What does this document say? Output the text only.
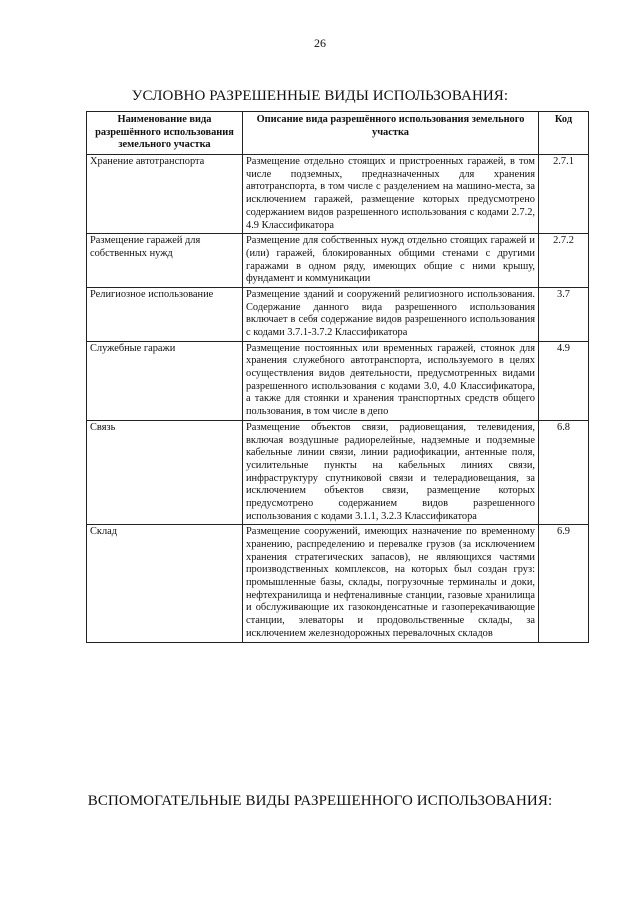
26
УСЛОВНО РАЗРЕШЕННЫЕ ВИДЫ ИСПОЛЬЗОВАНИЯ:
Наименование вида разрешённого использования земельного участка	Описание вида разрешённого использования земельного участка	Код
Хранение автотранспорта	Размещение отдельно стоящих и пристроенных гаражей, в том числе подземных, предназначенных для хранения автотранспорта, в том числе с разделением на машино-места, за исключением гаражей, размещение которых предусмотрено содержанием видов разрешенного использования с кодами 2.7.2, 4.9 Классификатора	2.7.1
Размещение гаражей для собственных нужд	Размещение для собственных нужд отдельно стоящих гаражей и (или) гаражей, блокированных общими стенами с другими гаражами в одном ряду, имеющих общие с ними крышу, фундамент и коммуникации	2.7.2
Религиозное использование	Размещение зданий и сооружений религиозного использования. Содержание данного вида разрешенного использования включает в себя содержание видов разрешенного использования с кодами 3.7.1-3.7.2 Классификатора	3.7
Служебные гаражи	Размещение постоянных или временных гаражей, стоянок для хранения служебного автотранспорта, используемого в целях осуществления видов деятельности, предусмотренных видами разрешенного использования с кодами 3.0, 4.0 Классификатора, а также для стоянки и хранения транспортных средств общего пользования, в том числе в депо	4.9
Связь	Размещение объектов связи, радиовещания, телевидения, включая воздушные радиорелейные, надземные и подземные кабельные линии связи, линии радиофикации, антенные поля, усилительные пункты на кабельных линиях связи, инфраструктуру спутниковой связи и телерадиовещания, за исключением объектов связи, размещение которых предусмотрено содержанием видов разрешенного использования с кодами 3.1.1, 3.2.3 Классификатора	6.8
Склад	Размещение сооружений, имеющих назначение по временному хранению, распределению и перевалке грузов (за исключением хранения стратегических запасов), не являющихся частями производственных комплексов, на которых был создан груз: промышленные базы, склады, погрузочные терминалы и доки, нефтехранилища и нефтеналивные станции, газовые хранилища и обслуживающие их газоконденсатные и газоперекачивающие станции, элеваторы и продовольственные склады, за исключением железнодорожных перевалочных складов	6.9
ВСПОМОГАТЕЛЬНЫЕ ВИДЫ РАЗРЕШЕННОГО ИСПОЛЬЗОВАНИЯ:
